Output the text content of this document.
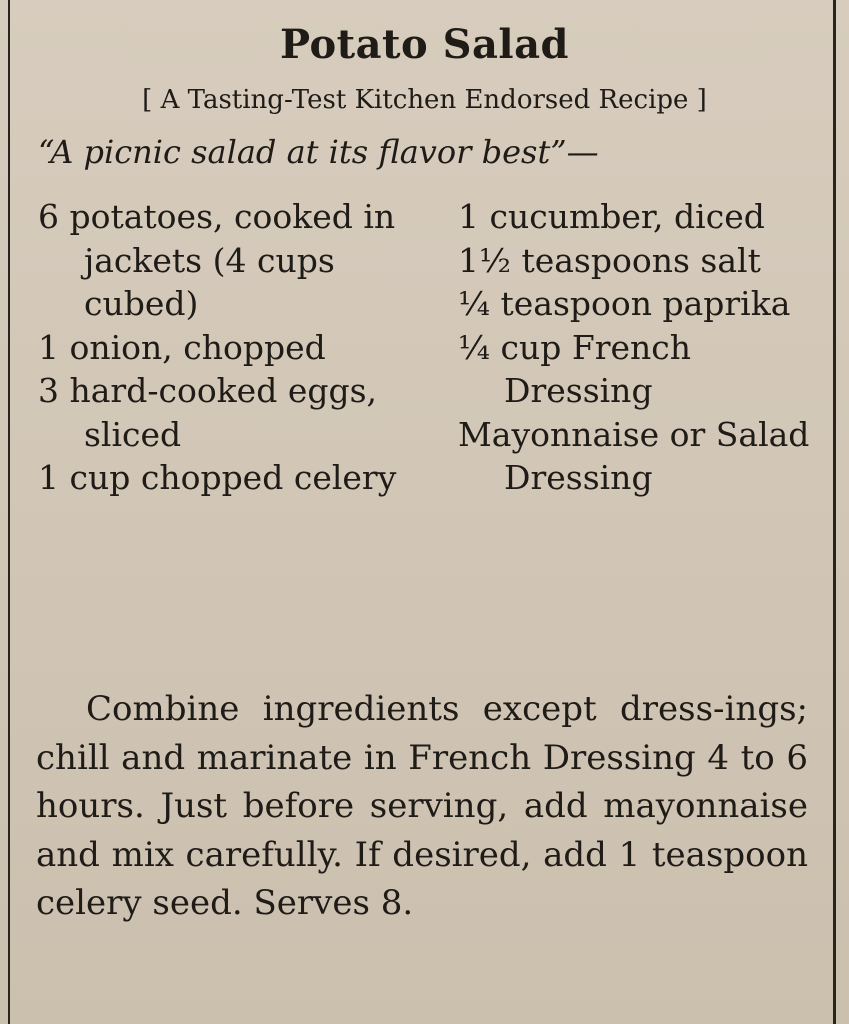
Potato Salad
[ A Tasting-Test Kitchen Endorsed Recipe ]
“A picnic salad at its flavor best”—
6 potatoes, cooked in jackets (4 cups cubed)
1 onion, chopped
3 hard-cooked eggs, sliced
1 cup chopped celery
1 cucumber, diced
1½ teaspoons salt
¼ teaspoon paprika
¼ cup French Dressing
Mayonnaise or Salad Dressing
Combine ingredients except dress-ings; chill and marinate in French Dressing 4 to 6 hours. Just before serving, add mayonnaise and mix carefully. If desired, add 1 teaspoon celery seed. Serves 8.
